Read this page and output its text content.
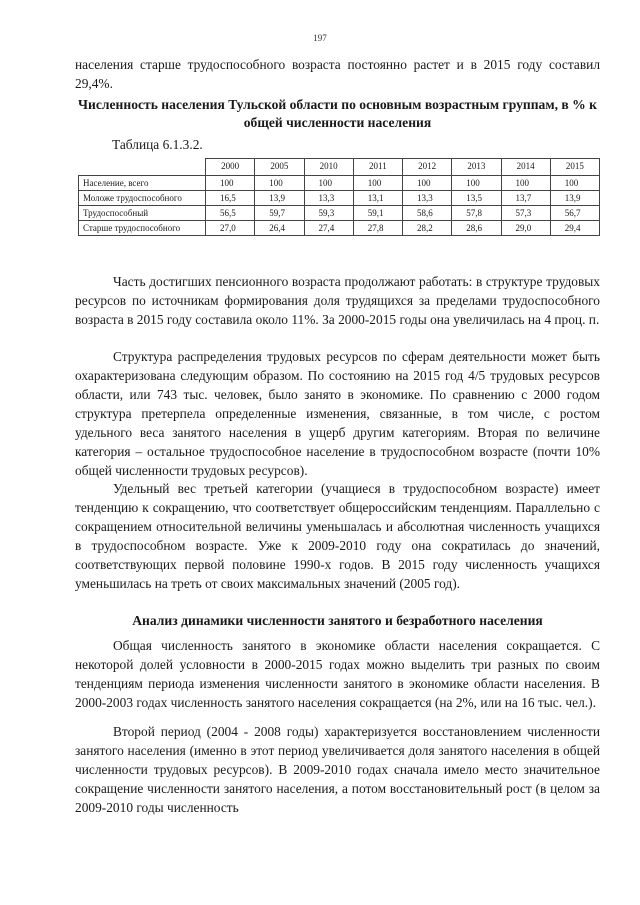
197
населения старше трудоспособного возраста постоянно растет и в 2015 году составил 29,4%.
Численность населения Тульской области по основным возрастным группам, в % к общей численности населения
Таблица 6.1.3.2.
	2000	2005	2010	2011	2012	2013	2014	2015
Население, всего	100	100	100	100	100	100	100	100
Моложе трудоспособного	16,5	13,9	13,3	13,1	13,3	13,5	13,7	13,9
Трудоспособный	56,5	59,7	59,3	59,1	58,6	57,8	57,3	56,7
Старше трудоспособного	27,0	26,4	27,4	27,8	28,2	28,6	29,0	29,4
Часть достигших пенсионного возраста продолжают работать: в структуре трудовых ресурсов по источникам формирования доля трудящихся за пределами трудоспособного возраста в 2015 году составила около 11%. За 2000-2015 годы она увеличилась на 4 проц. п.
Структура распределения трудовых ресурсов по сферам деятельности может быть охарактеризована следующим образом. По состоянию на 2015 год 4/5 трудовых ресурсов области, или 743 тыс. человек, было занято в экономике. По сравнению с 2000 годом структура претерпела определенные изменения, связанные, в том числе, с ростом удельного веса занятого населения в ущерб другим категориям. Вторая по величине категория – остальное трудоспособное население в трудоспособном возрасте (почти 10% общей численности трудовых ресурсов).
Удельный вес третьей категории (учащиеся в трудоспособном возрасте) имеет тенденцию к сокращению, что соответствует общероссийским тенденциям. Параллельно с сокращением относительной величины уменьшалась и абсолютная численность учащихся в трудоспособном возрасте. Уже к 2009-2010 году она сократилась до значений, соответствующих первой половине 1990-х годов. В 2015 году численность учащихся уменьшилась на треть от своих максимальных значений (2005 год).
Анализ динамики численности занятого и безработного населения
Общая численность занятого в экономике области населения сокращается. С некоторой долей условности в 2000-2015 годах можно выделить три разных по своим тенденциям периода изменения численности занятого в экономике области населения. В 2000-2003 годах численность занятого населения сокращается (на 2%, или на 16 тыс. чел.).
Второй период (2004 - 2008 годы) характеризуется восстановлением численности занятого населения (именно в этот период увеличивается доля занятого населения в общей численности трудовых ресурсов). В 2009-2010 годах сначала имело место значительное сокращение численности занятого населения, а потом восстановительный рост (в целом за 2009-2010 годы численность
